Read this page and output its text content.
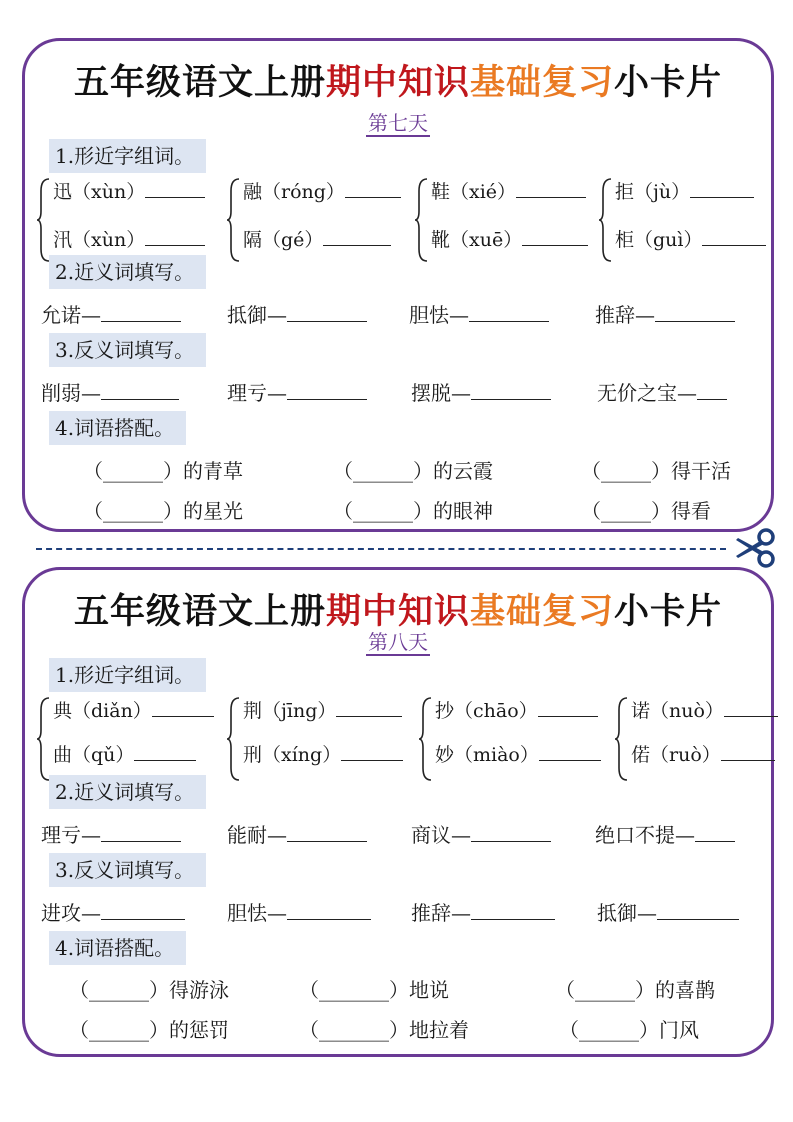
五年级语文上册期中知识基础复习小卡片
第七天
1.形近字组词。
迅（xùn）
汛（xùn）
融（róng）
隔（gé）
鞋（xié）
靴（xuē）
拒（jù）
柜（guì）
2.近义词填写。
允诺—	抵御—	胆怯—	推辞—
3.反义词填写。
削弱—	理亏—	摆脱—	无价之宝—
4.词语搭配。
（______）的青草	（______）的云霞	（_____）得干活
（______）的星光	（______）的眼神	（_____）得看
五年级语文上册期中知识基础复习小卡片
第八天
1.形近字组词。
典（diǎn）
曲（qǔ）
荆（jīng）
刑（xíng）
抄（chāo）
妙（miào）
诺（nuò）
偌（ruò）
2.近义词填写。
理亏—	能耐—	商议—	绝口不提—
3.反义词填写。
进攻—	胆怯—	推辞—	抵御—
4.词语搭配。
（______）得游泳	（_______）地说	（______）的喜鹊
（______）的惩罚	（_______）地拉着	（______）门风
